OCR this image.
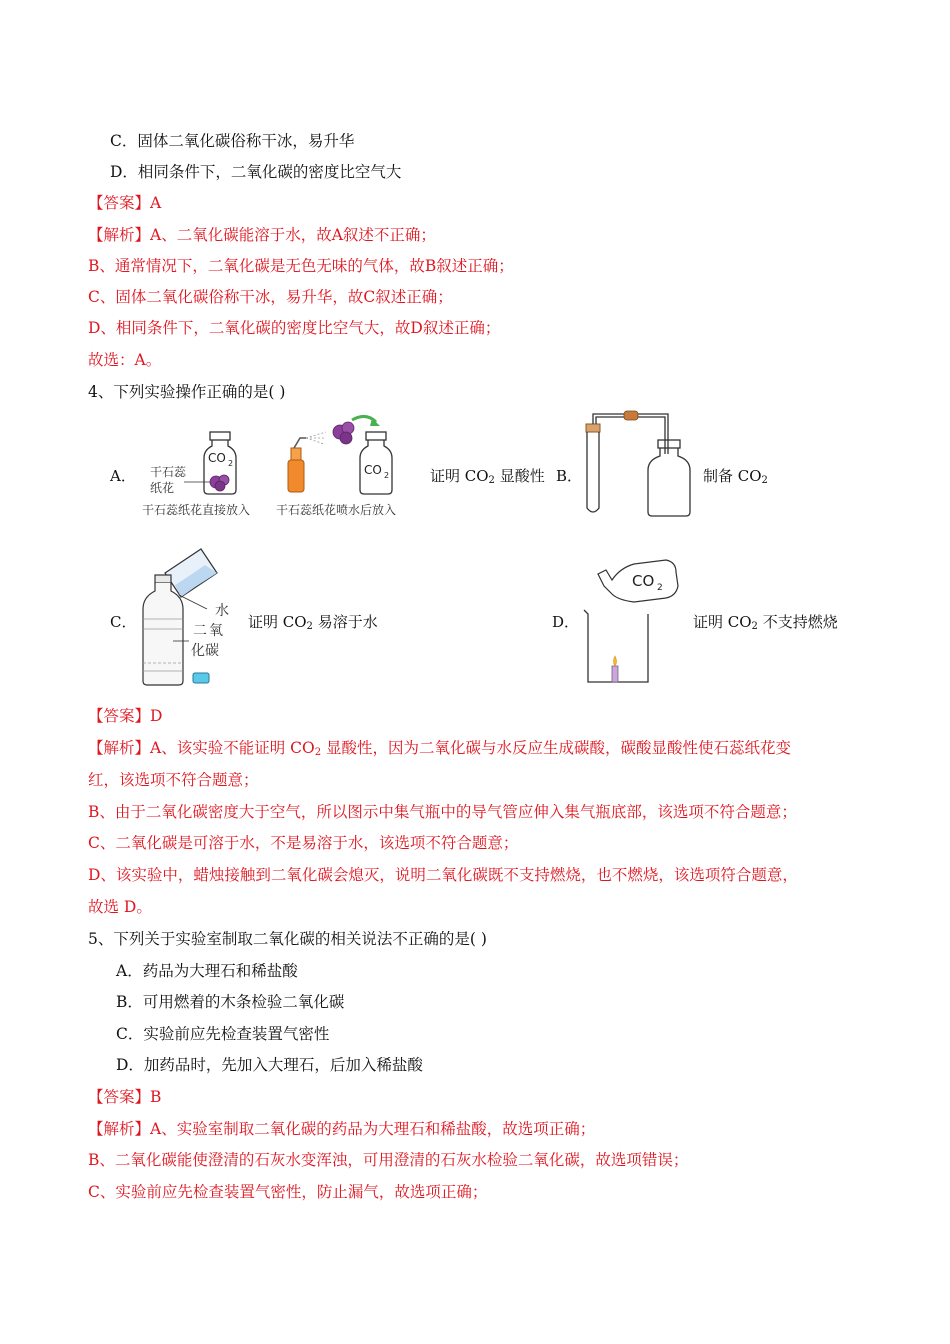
C．固体二氧化碳俗称干冰，易升华
D．相同条件下，二氧化碳的密度比空气大
【答案】A
【解析】A、二氧化碳能溶于水，故A叙述不正确；
B、通常情况下，二氧化碳是无色无味的气体，故B叙述正确；
C、固体二氧化碳俗称干冰，易升华，故C叙述正确；
D、相同条件下，二氧化碳的密度比空气大，故D叙述正确；
故选：A。
4、下列实验操作正确的是( )
A．
CO 2
干石蕊
纸花
CO 2
干石蕊纸花直接放入 干石蕊纸花喷水后放入
证明 $CO_2$ 显酸性 B．	制备 $CO_2$
C．
水
二 氧
化碳
证明 $CO_2$ 易溶于水	D．
CO 2
证明 $CO_2$ 不支持燃烧
【答案】D
【解析】A、该实验不能证明 $CO_2$ 显酸性，因为二氧化碳与水反应生成碳酸，碳酸显酸性使石蕊纸花变
红，该选项不符合题意；
B、由于二氧化碳密度大于空气，所以图示中集气瓶中的导气管应伸入集气瓶底部，该选项不符合题意；
C、二氧化碳是可溶于水，不是易溶于水，该选项不符合题意；
D、该实验中，蜡烛接触到二氧化碳会熄灭，说明二氧化碳既不支持燃烧，也不燃烧，该选项符合题意，
故选 D。
5、下列关于实验室制取二氧化碳的相关说法不正确的是( )
A．药品为大理石和稀盐酸
B．可用燃着的木条检验二氧化碳
C．实验前应先检查装置气密性
D．加药品时，先加入大理石，后加入稀盐酸
【答案】B
【解析】A、实验室制取二氧化碳的药品为大理石和稀盐酸，故选项正确；
B、二氧化碳能使澄清的石灰水变浑浊，可用澄清的石灰水检验二氧化碳，故选项错误；
C、实验前应先检查装置气密性，防止漏气，故选项正确；
